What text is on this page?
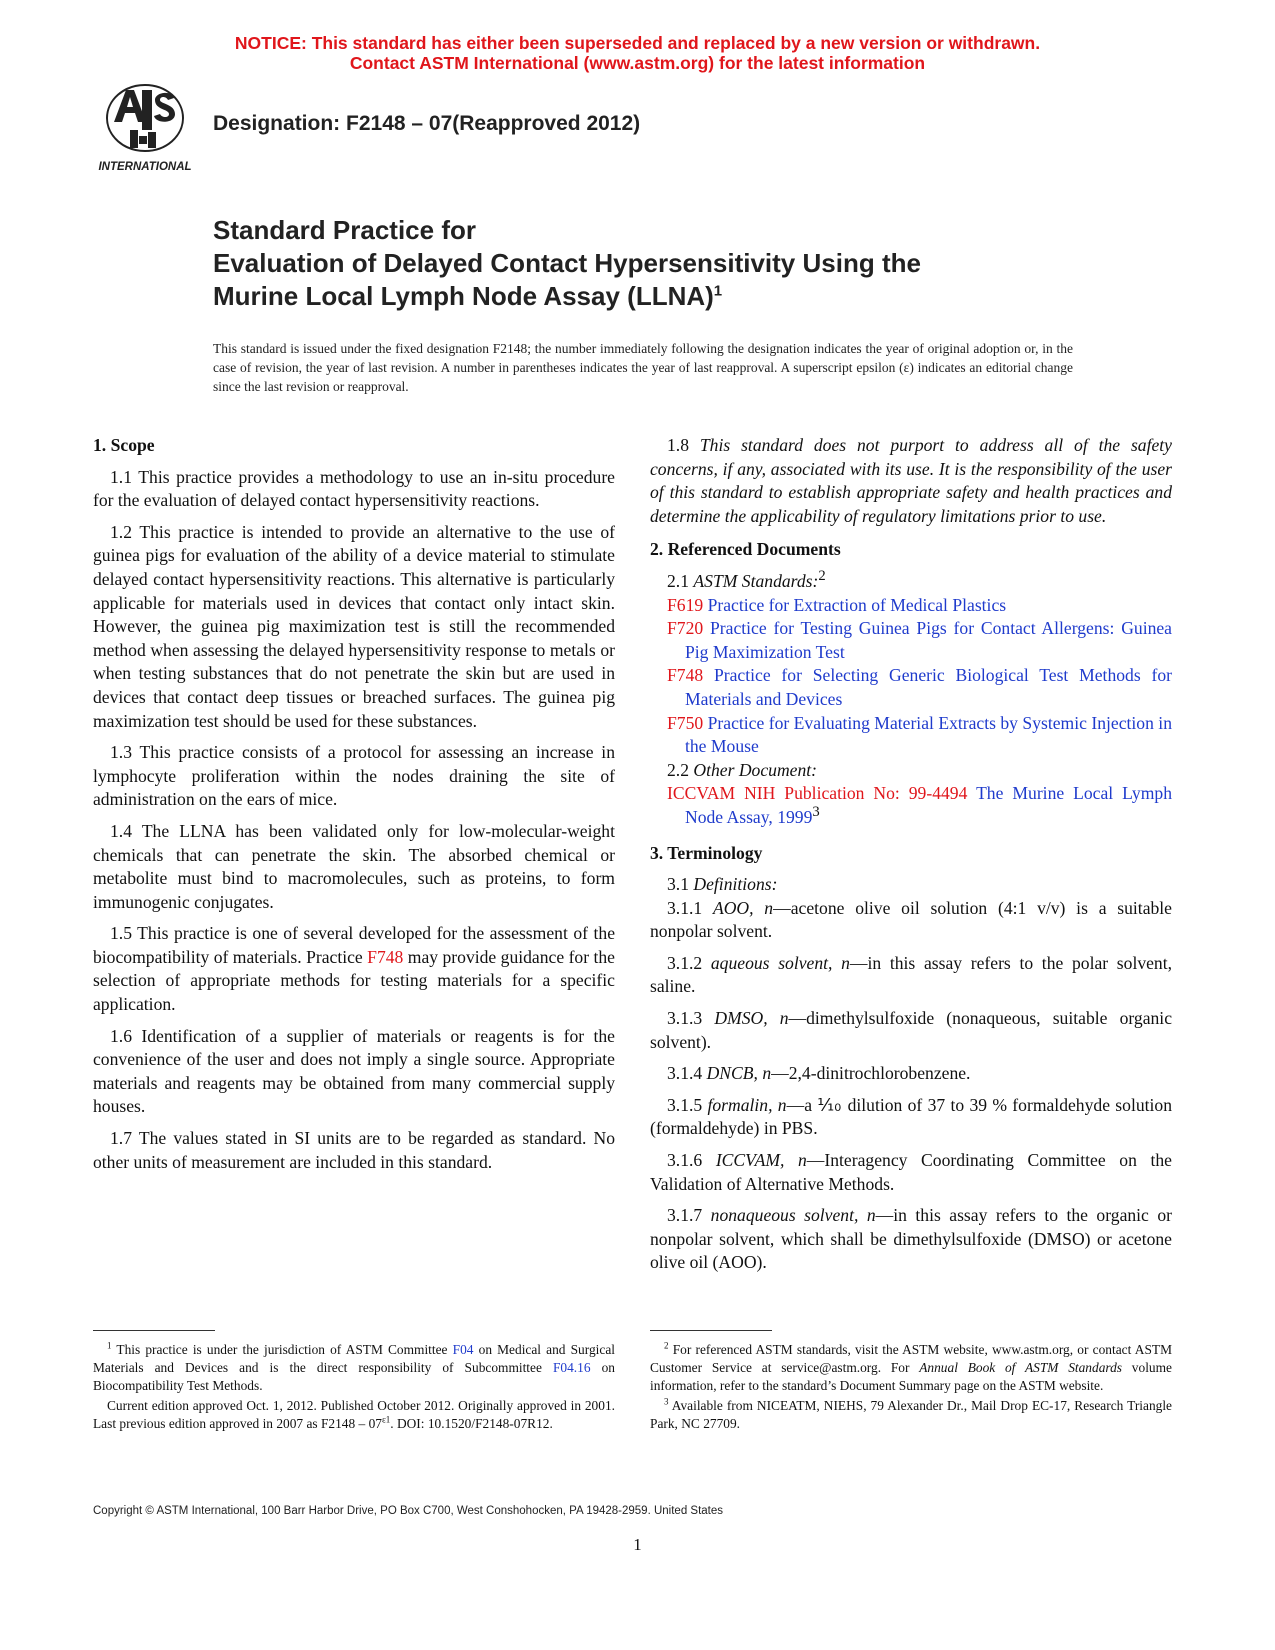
NOTICE: This standard has either been superseded and replaced by a new version or withdrawn.
Contact ASTM International (www.astm.org) for the latest information
INTERNATIONAL
Designation: F2148 – 07(Reapproved 2012)
Standard Practice for
Evaluation of Delayed Contact Hypersensitivity Using the
Murine Local Lymph Node Assay (LLNA)$^1$
This standard is issued under the fixed designation F2148; the number immediately following the designation indicates the year of original adoption or, in the case of revision, the year of last revision. A number in parentheses indicates the year of last reapproval. A superscript epsilon (ε) indicates an editorial change since the last revision or reapproval.
1. Scope
1.1 This practice provides a methodology to use an in-situ procedure for the evaluation of delayed contact hypersensitivity reactions.
1.2 This practice is intended to provide an alternative to the use of guinea pigs for evaluation of the ability of a device material to stimulate delayed contact hypersensitivity reactions. This alternative is particularly applicable for materials used in devices that contact only intact skin. However, the guinea pig maximization test is still the recommended method when assessing the delayed hypersensitivity response to metals or when testing substances that do not penetrate the skin but are used in devices that contact deep tissues or breached surfaces. The guinea pig maximization test should be used for these substances.
1.3 This practice consists of a protocol for assessing an increase in lymphocyte proliferation within the nodes draining the site of administration on the ears of mice.
1.4 The LLNA has been validated only for low-molecular-weight chemicals that can penetrate the skin. The absorbed chemical or metabolite must bind to macromolecules, such as proteins, to form immunogenic conjugates.
1.5 This practice is one of several developed for the assessment of the biocompatibility of materials. Practice F748 may provide guidance for the selection of appropriate methods for testing materials for a specific application.
1.6 Identification of a supplier of materials or reagents is for the convenience of the user and does not imply a single source. Appropriate materials and reagents may be obtained from many commercial supply houses.
1.7 The values stated in SI units are to be regarded as standard. No other units of measurement are included in this standard.
1.8 This standard does not purport to address all of the safety concerns, if any, associated with its use. It is the responsibility of the user of this standard to establish appropriate safety and health practices and determine the applicability of regulatory limitations prior to use.
2. Referenced Documents
2.1 ASTM Standards:$^2$
F619 Practice for Extraction of Medical Plastics
F720 Practice for Testing Guinea Pigs for Contact Allergens: Guinea Pig Maximization Test
F748 Practice for Selecting Generic Biological Test Methods for Materials and Devices
F750 Practice for Evaluating Material Extracts by Systemic Injection in the Mouse
2.2 Other Document:
ICCVAM NIH Publication No: 99-4494 The Murine Local Lymph Node Assay, 1999$^3$
3. Terminology
3.1 Definitions:
3.1.1 AOO, n—acetone olive oil solution (4:1 v/v) is a suitable nonpolar solvent.
3.1.2 aqueous solvent, n—in this assay refers to the polar solvent, saline.
3.1.3 DMSO, n—dimethylsulfoxide (nonaqueous, suitable organic solvent).
3.1.4 DNCB, n—2,4-dinitrochlorobenzene.
3.1.5 formalin, n—a ⅒ dilution of 37 to 39 % formaldehyde solution (formaldehyde) in PBS.
3.1.6 ICCVAM, n—Interagency Coordinating Committee on the Validation of Alternative Methods.
3.1.7 nonaqueous solvent, n—in this assay refers to the organic or nonpolar solvent, which shall be dimethylsulfoxide (DMSO) or acetone olive oil (AOO).
$^1$ This practice is under the jurisdiction of ASTM Committee F04 on Medical and Surgical Materials and Devices and is the direct responsibility of Subcommittee F04.16 on Biocompatibility Test Methods.
Current edition approved Oct. 1, 2012. Published October 2012. Originally approved in 2001. Last previous edition approved in 2007 as $F2148 - 07^{\varepsilon 1}$. DOI: 10.1520/F2148-07R12.
$^2$ For referenced ASTM standards, visit the ASTM website, www.astm.org, or contact ASTM Customer Service at service@astm.org. For Annual Book of ASTM Standards volume information, refer to the standard’s Document Summary page on the ASTM website.
$^3$ Available from NICEATM, NIEHS, 79 Alexander Dr., Mail Drop EC-17, Research Triangle Park, NC 27709.
Copyright © ASTM International, 100 Barr Harbor Drive, PO Box C700, West Conshohocken, PA 19428-2959. United States
1
